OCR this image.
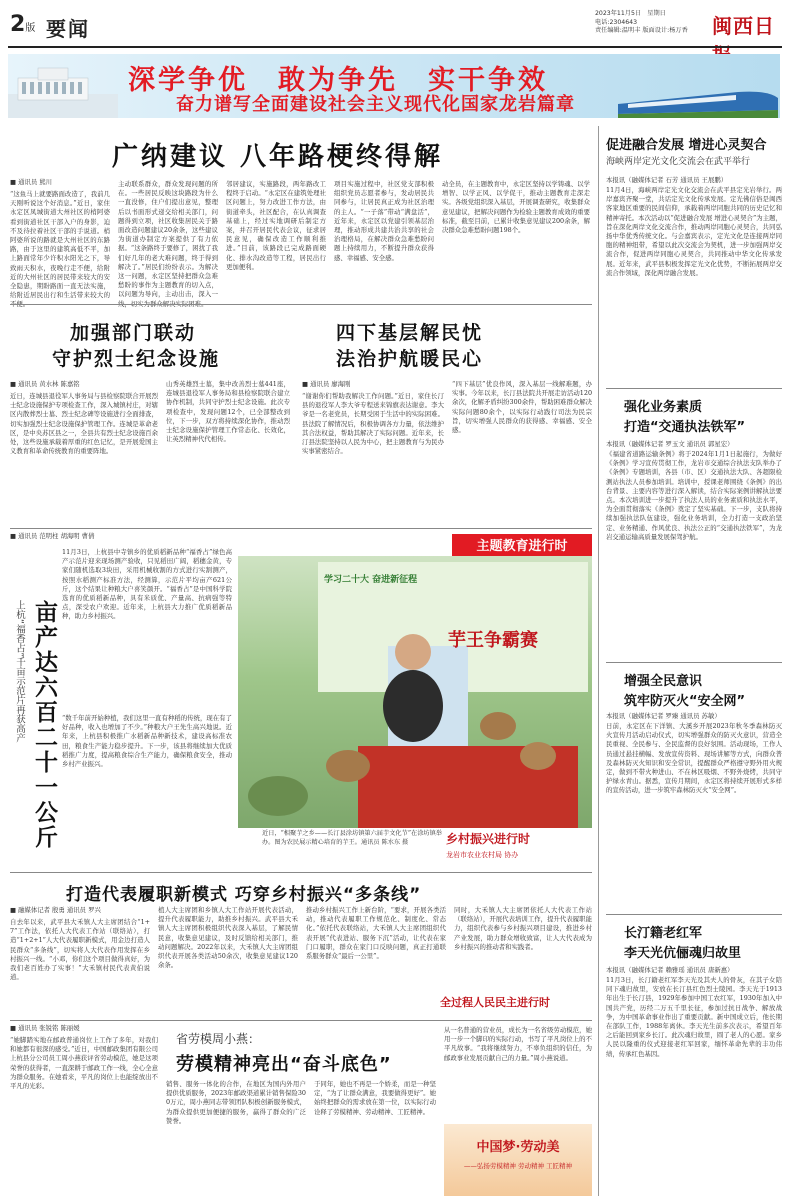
2版 要闻
2023年11月5日　星期日
电话:2304643
责任编辑:温明丰 版面设计:杨万香	闽西日
深学争优　敢为争先　实干争效
奋力谱写全面建设社会主义现代化国家龙岩篇章
广纳建议 八年路梗终得解
■ 通讯员 熊川
“这鱼马上就要路面改造了，我前几天刚听说这个好消息。”近日，家住永定区凤城街道大州社区的梢阿婆看到街道社区干部入户的身影，迫不及待拉着社区干部的手说道。梢阿婆所说的路就是大州社区的东路路，由于这里的建筑高低不平，加上路面常年少许积水阳光之下，导致雨天积水，夜晚行走不便，给附近的大州社区的居民带来较大的安全隐患，期盼路面一直无法实施，给附近居民出行和生活带来较大的
主动联系群众，群众发现问题的所在。一些居民反映这块路段为什么一直没修，住户们提出意见，整理后以书面形式递交给相关部门，问题得到立项，社区收集居民关于路面改造问题建议20余条，这些建议为街道办制定方案提供了有力依据。“这条路终于要修了，困扰了我们好几年的老大难问题，终于得到解决了。”居民们纷纷表示。为解决这一问题，永定区坚持把群众急难愁盼的事作为主题教育的切入点，以问题为导向，主动出击，深入一
邻居建议，实施路段，两年路改工程终于启动。“永定区在建筑处理社区问题上，努力改进工作方法，由街道牵头，社区配合，在认真调查基础上，经过实地调研后制定方案，并召开居民代表会议，征求居民意见，确保改造工作顺利推进。”目前，该路段已完成路面硬化、排水沟改造等工程，居民出行更加便利。
项目实施过程中，社区党支部积极组织党员志愿者参与，发动居民共同参与，让居民真正成为社区治理的主人。“一子落”带动“满盘活”，近年来，永定区以党建引领基层治理，推动形成共建共治共享的社会治理格局，在解决群众急难愁盼问题上持续用力，不断提升群众获得感、幸福感、安全感。
动全员，在主题教育中，永定区坚持以学铸魂、以学增智、以学正风、以学促干，推动主题教育走深走实。各级党组织深入基层，开展调查研究，收集群众意见建议，把解决问题作为检验主题教育成效的重要标准，截至目前，已累计收集意见建议200余条，解决群众急难愁盼问题198个。
加强部门联动
守护烈士纪念设施
■ 通讯员 黄水林 陈嘉铭
近日，连城县退役军人事务局与县检察院联合开展烈士纪念设施保护专项检查工作，深入城镇村庄，对辖区内散葬烈士墓、烈士纪念碑等设施进行全面排查，切实加强烈士纪念设施保护管理工作。连城是革命老区，是中央苏区县之一，全县共有烈士纪念设施百余处，这些设施承载着厚重的红色记忆，是开展爱国主义教育和革命传统教育的重要阵地。
山秀英雄烈士墓，集中改善烈士墓441座，连城县退役军人事务局和县检察院联合建立协作机制，共同守护烈士纪念设施。此次专项检查中，发现问题12个，已全部整改到位，下一步，双方将持续深化协作，推动烈士纪念设施保护管理工作常态化、长效化，让英烈精神代代相传。
四下基层解民忧
法治护航暖民心
■ 通讯员 廖海刚
“谢谢你们帮助我解决工作问题。”近日，家住长汀县的退役军人李大爷专程送来锦旗表达谢意。李大爷是一名老党员，长期受困于生活中的实际困难。县法院了解情况后，积极协调各方力量，依法维护其合法权益，帮助其解决了实际问题。近年来，长汀县法院坚持以人民为中心，把主题教育与为民办实事紧密结合。
“四下基层”优良作风，深入基层一线解难题，办实事。今年以来，长汀县法院共开展走访活动120余次，化解矛盾纠纷300余件，帮助困难群众解决实际问题80余个，以实际行动践行司法为民宗旨，切实增强人民群众的获得感、幸福感、安全感。
主题教育进行时
■ 通讯员 范明柱 胡海明 曹倩
亩产达六百二十一公斤
上杭“福香占”千亩示范片再获高产
11月3日，上杭县中寺镇乡的优质稻新品种“福香占”绿色高产示范片迎来现场测产验收，只见稻田广阔，稻穗金黄，专家们随机选取3块田，采用机械收割的方式进行实割测产，按照水稻测产标准方法，经测算，示范片平均亩产621公斤，这个结果让种粮大户喜笑颜开。“福香占”是中国科学院选育的优质稻新品种，具有米质优、产量高、抗病强等特点，深受农户欢迎。近年来，上杭县大力推广优质稻新品种，助力乡村振兴。
“数千年前开始种植，我们这里一直有种稻的传统，现在有了好品种，收入也增加了不少。”种粮大户王先生高兴地说。近年来，上杭县积极推广水稻新品种新技术，建设高标准农田，粮食生产能力稳步提升。下一步，该县将继续加大优质稻推广力度，提高粮食综合生产能力，确保粮食安全，推动乡村产业振兴。
学习二十大 奋进新征程
芋王争霸赛
近日，“相聚芋之乡——长汀县涂坊镇第六届芋文化节”在涂坊镇举办。图为农民展示精心培育的芋王。通讯员 陈水东 摄	乡村振兴进行时
龙岩市农业农村局 协办
打造代表履职新模式 巧穿乡村振兴“多条线”
■ 融媒体记者 殷勇 通讯员 罗兴
自去年以来，武平县大禾镇人大主席团结合“1+7”工作法，依托人大代表工作站（联络站），打造“1+2+1”人大代表履职新模式，用金边打造人民群众“多条线”，切实将人大代表作用发挥在乡村振兴一线。“小邓，你们这个项目做得真好，为我们老百姓办了实事！”大禾镇村民代表黄伯说道。
植人大主席团和乡镇人大工作站开展代表活动，提升代表履职能力，助推乡村振兴。武平县大禾镇人大主席团积极组织代表深入基层，了解民情民意，收集意见建议，及时反馈给相关部门，推动问题解决。2022年以来，大禾镇人大主席团组织代表开展各类活动50余次，收集意见建议120余条。
推动乡村振兴工作上新台阶，“要求，开展各类活动，推动代表履职工作规范化、制度化、常态化。”依托代表联络站，大禾镇人大主席团组织代表开展“代表进站、服务下沉”活动，让代表在家门口履职，群众在家门口反映问题，真正打通联系服务群众“最后一公里”。
同时，大禾镇人大主席团依托人大代表工作站（联络站），开展代表培训工作，提升代表履职能力，组织代表参与乡村振兴项目建设，推进乡村产业发展，助力群众增收致富，让人大代表成为乡村振兴的推动者和实践者。
全过程人民民主进行时
■ 通讯员 张锐铭 陈丽媛
“她脚踏实地在邮政普通岗位上工作了多年，对我们和她都有很深的感受。”近日，中国邮政集团有限公司上杭县分公司员工周小燕获评省劳动模范，她是这项荣誉的获得者，一直深耕于邮政工作一线，全心全意为群众服务。在她看来，平凡的岗位上也能绽放出不平凡的光彩。
省劳模周小燕：
劳模精神亮出“奋斗底色”
销售、服务一体化的合作，在地区为国内外用户提供优质服务，2023年邮政渠道累计销售保险300万元，周小燕同志带领团队积极创新服务模式，为群众提供更加便捷的服务，赢得了群众的广泛赞誉。
于同年，她也不再是一个娇柔，而是一种坚定，“为了让群众满意，我要做得更好”。她始终把群众的需求放在第一位，以实际行动诠释了劳模精神、劳动精神、工匠精神。
从一名普通的营业员，成长为一名省级劳动模范，她用一步一个脚印的实际行动，书写了平凡岗位上的不平凡故事。“我将继续努力，不辜负组织的信任，为邮政事业发展贡献自己的力量。”周小燕说道。
中国梦·劳动美
——弘扬劳模精神 劳动精神 工匠精神
促进融合发展 增进心灵契合
海峡两岸定光文化交流会在武平举行
本报讯（融媒体记者 石芳 通讯员 王展鹏）
11月4日，海峡两岸定光文化交流会在武平县定光岩举行。两岸嘉宾齐聚一堂，共话定光文化传承发展。定光佛信俗是闽西客家地区重要的民间信仰，承载着两岸同胞共同的历史记忆和精神寄托。本次活动以“促进融合发展 增进心灵契合”为主题，旨在深化两岸文化交流合作，推动两岸同胞心灵契合，共同弘扬中华优秀传统文化。与会嘉宾表示，定光文化是连接两岸同胞的精神纽带，希望以此次交流会为契机，进一步加强两岸交流合作，促进两岸同胞心灵契合，共同推动中华文化传承发展。近年来，武平县积极发挥定光文化优势，不断拓展两岸交流合作领域，深化两岸融合发展。
强化业务素质
打造“交通执法铁军”
本报讯（融媒体记者 罗玉文 通讯员 郭星宏）
《福建省道路运输条例》将于2024年1月1日起施行，为做好《条例》学习宣传贯彻工作，龙岩市交通综合执法支队举办了《条例》专题培训，各县（市、区）交通执法大队、各超限检测站执法人员参加培训。培训中，授课老师围绕《条例》的出台背景、主要内容等进行深入解读，结合实际案例讲解执法要点。本次培训进一步提升了执法人员的业务素质和执法水平，为全面贯彻落实《条例》奠定了坚实基础。下一步，支队将持续加强执法队伍建设，强化业务培训，全力打造一支政治坚定、业务精通、作风优良、执法公正的“交通执法铁军”，为龙岩交通运输高质量发展保驾护航。
增强全民意识
筑牢防灭火“安全网”
本报讯（融媒体记者 罗臻 通讯员 苏敏）
日前，永定区在下洋镇、大溪乡开展2023年秋冬季森林防灭火宣传月活动启动仪式，切实增强群众的防灭火意识，营造全民重视、全民参与、全民监督的良好氛围。活动现场，工作人员通过悬挂横幅、发放宣传资料、现场讲解等方式，向群众普及森林防灭火知识和安全常识，提醒群众严格遵守野外用火规定，做到不带火种进山、不在林区吸烟、不野外烧烤，共同守护绿水青山。据悉，宣传月期间，永定区将持续开展形式多样的宣传活动，进一步筑牢森林防灭火“安全网”。
长汀籍老红军
李天光伉俪魂归故里
本报讯（融媒体记者 赖雅瑶 通讯员 唐新惠）
11月3日，长汀籍老红军李天光及其夫人的骨灰，在其子女陪同下魂归故里，安放在长汀县红色烈士陵园。李天光于1913年出生于长汀县，1929年参加中国工农红军，1930年加入中国共产党，历经二万五千里长征，参加过抗日战争、解放战争，为中国革命事业作出了重要贡献。新中国成立后，他长期在部队工作，1988年离休。李天光生前多次表示，希望百年之后能回到家乡长汀。此次魂归故里，圆了老人的心愿。家乡人民以隆重的仪式迎接老红军回家，缅怀革命先辈的丰功伟绩，传承红色基因。
